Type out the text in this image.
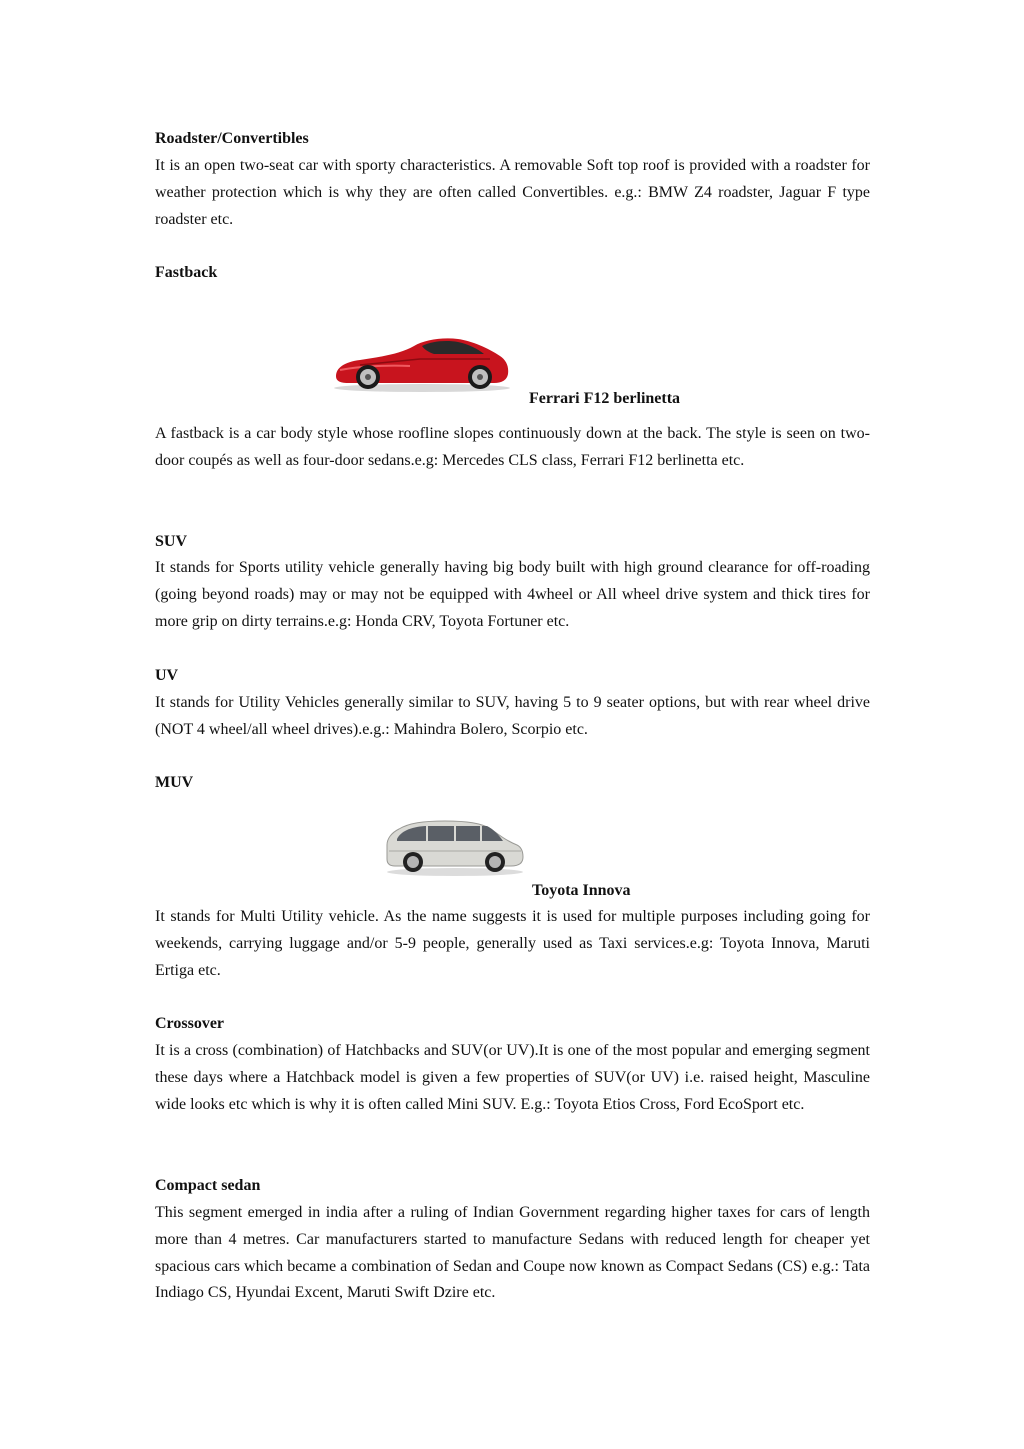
Roadster/Convertibles

It is an open two-seat car with sporty characteristics. A removable Soft top roof is provided with a roadster for weather protection which is why they are often called Convertibles. e.g.: BMW Z4 roadster, Jaguar F type roadster etc.

Fastback

Ferrari F12 berlinetta

A fastback is a car body style whose roofline slopes continuously down at the back. The style is seen on two-door coupés as well as four-door sedans.e.g: Mercedes CLS class, Ferrari F12 berlinetta etc.

SUV

It stands for Sports utility vehicle generally having big body built with high ground clearance for off-roading (going beyond roads) may or may not be equipped with 4wheel or All wheel drive system and thick tires for more grip on dirty terrains.e.g: Honda CRV, Toyota Fortuner etc.

UV

It stands for Utility Vehicles generally similar to SUV, having 5 to 9 seater options, but with rear wheel drive (NOT 4 wheel/all wheel drives).e.g.: Mahindra Bolero, Scorpio etc.

MUV

Toyota Innova

It stands for Multi Utility vehicle. As the name suggests it is used for multiple purposes including going for weekends, carrying luggage and/or 5-9 people, generally used as Taxi services.e.g: Toyota Innova, Maruti Ertiga etc.

Crossover

It is a cross (combination) of Hatchbacks and SUV(or UV).It is one of the most popular and emerging segment these days where a Hatchback model is given a few properties of SUV(or UV) i.e. raised height, Masculine wide looks etc which is why it is often called Mini SUV. E.g.: Toyota Etios Cross, Ford EcoSport etc.

Compact sedan

This segment emerged in india after a ruling of Indian Government regarding higher taxes for cars of length more than 4 metres. Car manufacturers started to manufacture Sedans with reduced length for cheaper yet spacious cars which became a combination of Sedan and Coupe now known as Compact Sedans (CS) e.g.: Tata Indiago CS, Hyundai Excent, Maruti Swift Dzire etc.
